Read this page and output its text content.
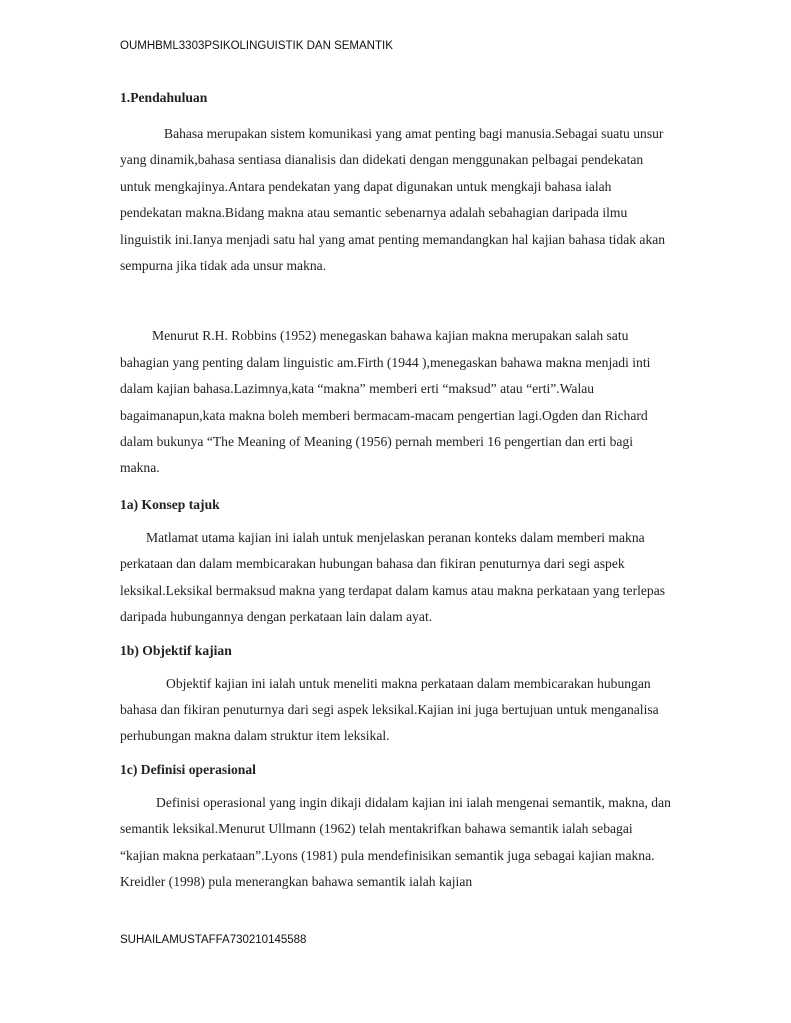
OUMHBML3303PSIKOLINGUISTIK DAN SEMANTIK

1.Pendahuluan

Bahasa merupakan sistem komunikasi yang amat penting bagi manusia.Sebagai suatu unsur yang dinamik,bahasa sentiasa dianalisis dan didekati dengan menggunakan pelbagai pendekatan untuk mengkajinya.Antara pendekatan yang dapat digunakan untuk mengkaji bahasa ialah pendekatan makna.Bidang makna atau semantic sebenarnya adalah sebahagian daripada ilmu linguistik ini.Ianya menjadi satu hal yang amat penting memandangkan hal kajian bahasa tidak akan sempurna jika tidak ada unsur makna.

Menurut R.H. Robbins (1952) menegaskan bahawa kajian makna merupakan salah satu bahagian yang penting dalam linguistic am.Firth (1944 ),menegaskan bahawa makna menjadi inti dalam kajian bahasa.Lazimnya,kata “makna” memberi erti “maksud” atau “erti”.Walau bagaimanapun,kata makna boleh memberi bermacam-macam pengertian lagi.Ogden dan Richard dalam bukunya “The Meaning of Meaning (1956) pernah memberi 16 pengertian dan erti bagi makna.

1a) Konsep tajuk

Matlamat utama kajian ini ialah untuk menjelaskan peranan konteks dalam memberi makna perkataan dan dalam membicarakan hubungan bahasa dan fikiran penuturnya dari segi aspek leksikal.Leksikal bermaksud makna yang terdapat dalam kamus atau makna perkataan yang terlepas daripada hubungannya dengan perkataan lain dalam ayat.

1b) Objektif kajian

Objektif kajian ini ialah untuk meneliti makna perkataan dalam membicarakan hubungan bahasa dan fikiran penuturnya dari segi aspek leksikal.Kajian ini juga bertujuan untuk menganalisa perhubungan makna dalam struktur item leksikal.

1c) Definisi operasional

Definisi operasional yang ingin dikaji didalam kajian ini ialah mengenai semantik, makna, dan semantik leksikal.Menurut Ullmann (1962) telah mentakrifkan bahawa semantik ialah sebagai “kajian makna perkataan”.Lyons (1981) pula mendefinisikan semantik juga sebagai kajian makna. Kreidler (1998) pula menerangkan bahawa semantik ialah kajian

SUHAILAMUSTAFFA730210145588
